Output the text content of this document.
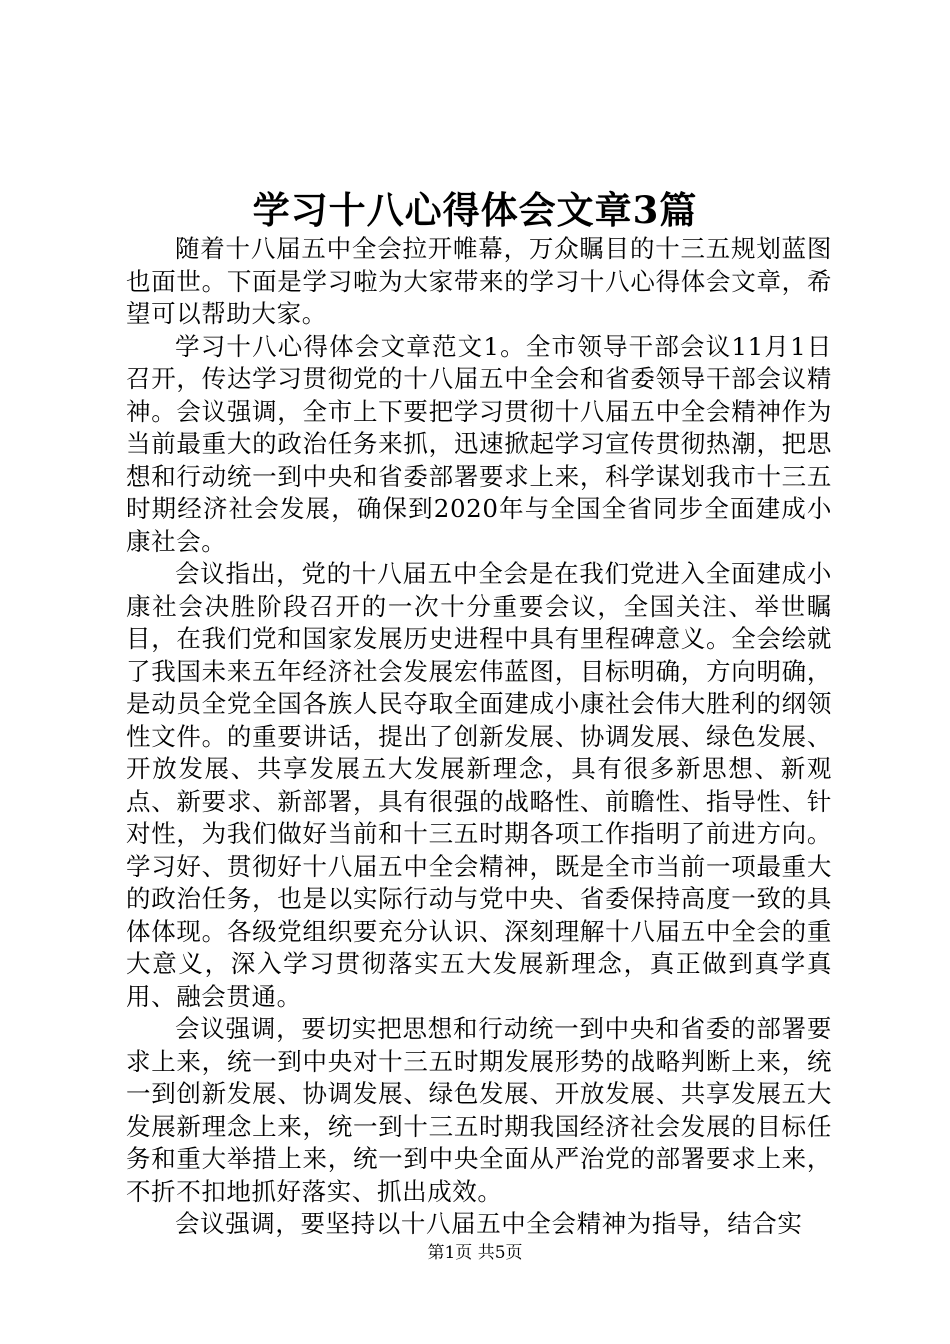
学习十八心得体会文章3篇

随着十八届五中全会拉开帷幕，万众瞩目的十三五规划蓝图也面世。下面是学习啦为大家带来的学习十八心得体会文章，希望可以帮助大家。

学习十八心得体会文章范文1。全市领导干部会议11月1日召开，传达学习贯彻党的十八届五中全会和省委领导干部会议精神。会议强调，全市上下要把学习贯彻十八届五中全会精神作为当前最重大的政治任务来抓，迅速掀起学习宣传贯彻热潮，把思想和行动统一到中央和省委部署要求上来，科学谋划我市十三五时期经济社会发展，确保到2020年与全国全省同步全面建成小康社会。

会议指出，党的十八届五中全会是在我们党进入全面建成小康社会决胜阶段召开的一次十分重要会议，全国关注、举世瞩目，在我们党和国家发展历史进程中具有里程碑意义。全会绘就了我国未来五年经济社会发展宏伟蓝图，目标明确，方向明确，是动员全党全国各族人民夺取全面建成小康社会伟大胜利的纲领性文件。的重要讲话，提出了创新发展、协调发展、绿色发展、开放发展、共享发展五大发展新理念，具有很多新思想、新观点、新要求、新部署，具有很强的战略性、前瞻性、指导性、针对性，为我们做好当前和十三五时期各项工作指明了前进方向。学习好、贯彻好十八届五中全会精神，既是全市当前一项最重大的政治任务，也是以实际行动与党中央、省委保持高度一致的具体体现。各级党组织要充分认识、深刻理解十八届五中全会的重大意义，深入学习贯彻落实五大发展新理念，真正做到真学真用、融会贯通。

会议强调，要切实把思想和行动统一到中央和省委的部署要求上来，统一到中央对十三五时期发展形势的战略判断上来，统一到创新发展、协调发展、绿色发展、开放发展、共享发展五大发展新理念上来，统一到十三五时期我国经济社会发展的目标任务和重大举措上来，统一到中央全面从严治党的部署要求上来，不折不扣地抓好落实、抓出成效。

会议强调，要坚持以十八届五中全会精神为指导，结合实

第1页 共5页
